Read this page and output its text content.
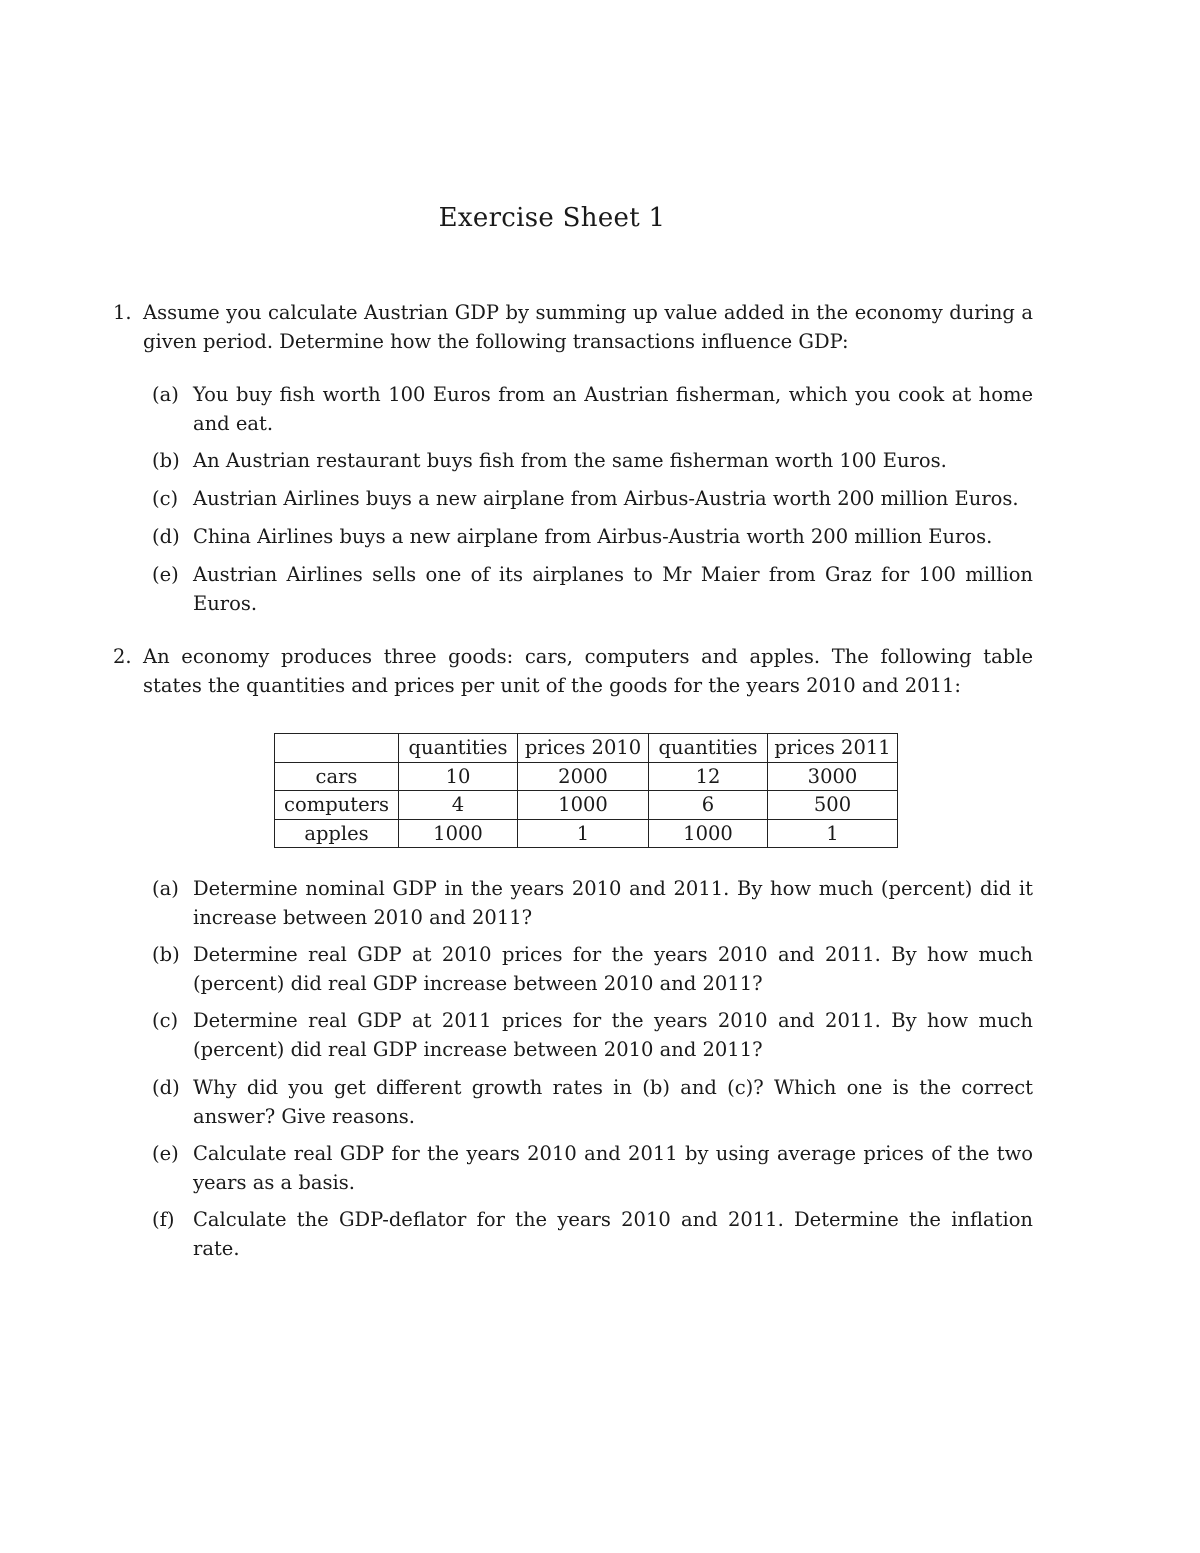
Exercise Sheet 1
1. Assume you calculate Austrian GDP by summing up value added in the economy during a given period. Determine how the following transactions influence GDP:
(a) You buy fish worth 100 Euros from an Austrian fisherman, which you cook at home and eat.
(b) An Austrian restaurant buys fish from the same fisherman worth 100 Euros.
(c) Austrian Airlines buys a new airplane from Airbus-Austria worth 200 million Euros.
(d) China Airlines buys a new airplane from Airbus-Austria worth 200 million Euros.
(e) Austrian Airlines sells one of its airplanes to Mr Maier from Graz for 100 million Euros.
2. An economy produces three goods: cars, computers and apples. The following table states the quantities and prices per unit of the goods for the years 2010 and 2011:
	quantities	prices 2010	quantities	prices 2011
cars	10	2000	12	3000
computers	4	1000	6	500
apples	1000	1	1000	1
(a) Determine nominal GDP in the years 2010 and 2011. By how much (percent) did it increase between 2010 and 2011?
(b) Determine real GDP at 2010 prices for the years 2010 and 2011. By how much (percent) did real GDP increase between 2010 and 2011?
(c) Determine real GDP at 2011 prices for the years 2010 and 2011. By how much (percent) did real GDP increase between 2010 and 2011?
(d) Why did you get different growth rates in (b) and (c)? Which one is the correct answer? Give reasons.
(e) Calculate real GDP for the years 2010 and 2011 by using average prices of the two years as a basis.
(f) Calculate the GDP-deflator for the years 2010 and 2011. Determine the inflation rate.
